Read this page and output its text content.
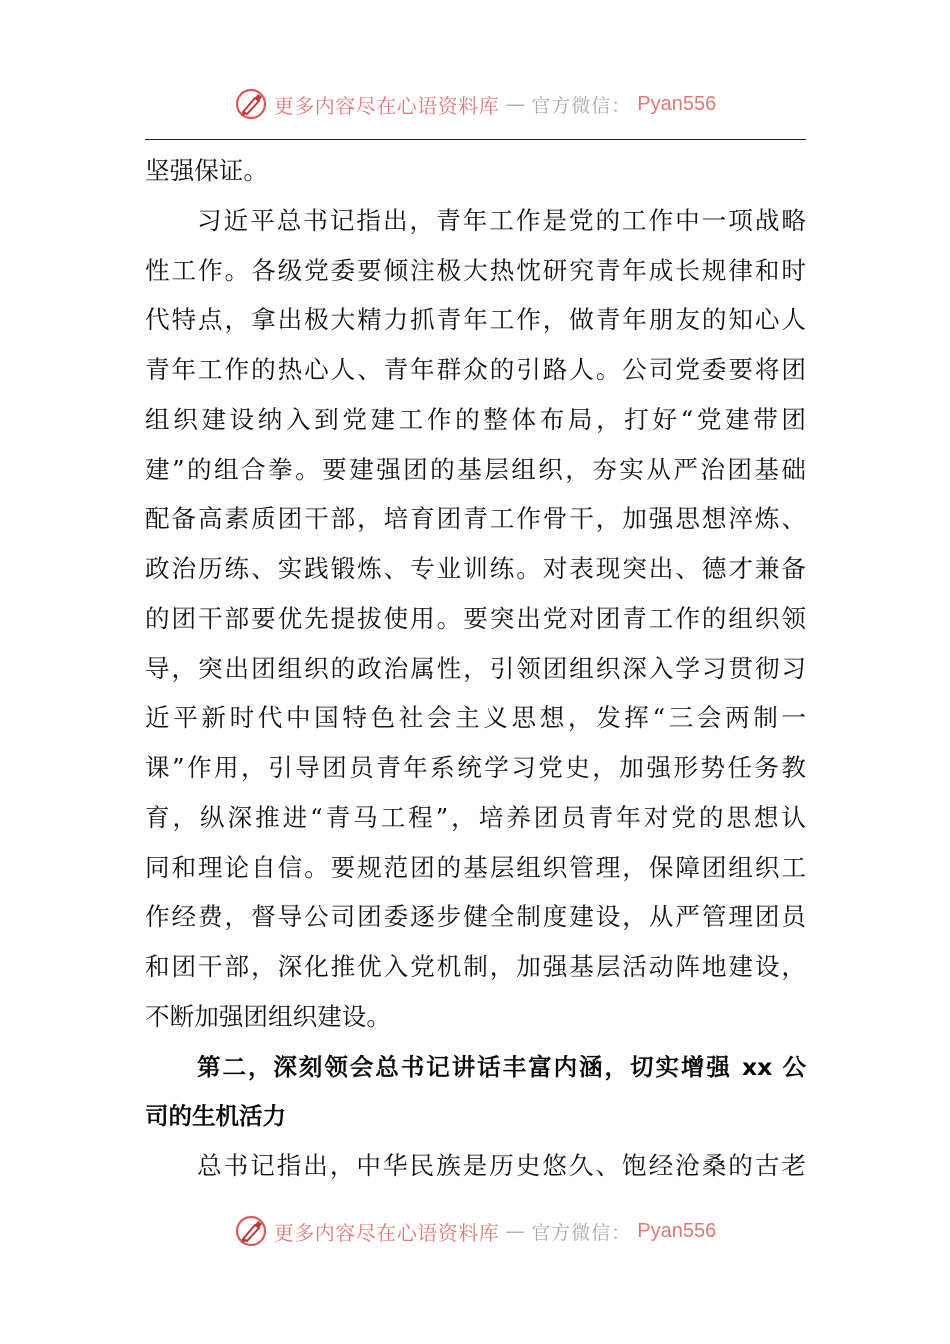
更多内容尽在心语资料库 — 官方微信： Pyan556
坚强保证。
习近平总书记指出，青年工作是党的工作中一项战略
性工作。各级党委要倾注极大热忱研究青年成长规律和时
代特点，拿出极大精力抓青年工作，做青年朋友的知心人
青年工作的热心人、青年群众的引路人。公司党委要将团
组织建设纳入到党建工作的整体布局，打好“党建带团
建”的组合拳。要建强团的基层组织，夯实从严治团基础
配备高素质团干部，培育团青工作骨干，加强思想淬炼、
政治历练、实践锻炼、专业训练。对表现突出、德才兼备
的团干部要优先提拔使用。要突出党对团青工作的组织领
导，突出团组织的政治属性，引领团组织深入学习贯彻习
近平新时代中国特色社会主义思想，发挥“三会两制一
课”作用，引导团员青年系统学习党史，加强形势任务教
育，纵深推进“青马工程”，培养团员青年对党的思想认
同和理论自信。要规范团的基层组织管理，保障团组织工
作经费，督导公司团委逐步健全制度建设，从严管理团员
和团干部，深化推优入党机制，加强基层活动阵地建设，
不断加强团组织建设。
第二，深刻领会总书记讲话丰富内涵，切实增强 xx 公
司的生机活力
总书记指出，中华民族是历史悠久、饱经沧桑的古老
更多内容尽在心语资料库 — 官方微信： Pyan556
